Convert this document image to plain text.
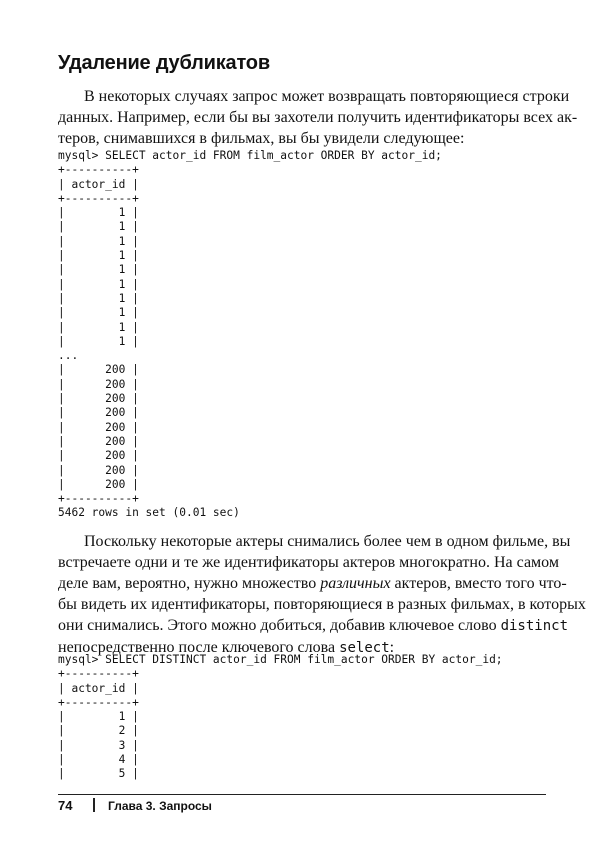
Удаление дубликатов

В некоторых случаях запрос может возвращать повторяющиеся строки
данных. Например, если бы вы захотели получить идентификаторы всех ак-
теров, снимавшихся в фильмах, вы бы увидели следующее:

mysql> SELECT actor_id FROM film_actor ORDER BY actor_id;
+----------+
| actor_id |
+----------+
|        1 |
|        1 |
|        1 |
|        1 |
|        1 |
|        1 |
|        1 |
|        1 |
|        1 |
|        1 |
...
|      200 |
|      200 |
|      200 |
|      200 |
|      200 |
|      200 |
|      200 |
|      200 |
|      200 |
+----------+
5462 rows in set (0.01 sec)

Поскольку некоторые актеры снимались более чем в одном фильме, вы
встречаете одни и те же идентификаторы актеров многократно. На самом
деле вам, вероятно, нужно множество различных актеров, вместо того что-
бы видеть их идентификаторы, повторяющиеся в разных фильмах, в которых
они снимались. Этого можно добиться, добавив ключевое слово distinct
непосредственно после ключевого слова select:

mysql> SELECT DISTINCT actor_id FROM film_actor ORDER BY actor_id;
+----------+
| actor_id |
+----------+
|        1 |
|        2 |
|        3 |
|        4 |
|        5 |
74	Глава 3. Запросы
